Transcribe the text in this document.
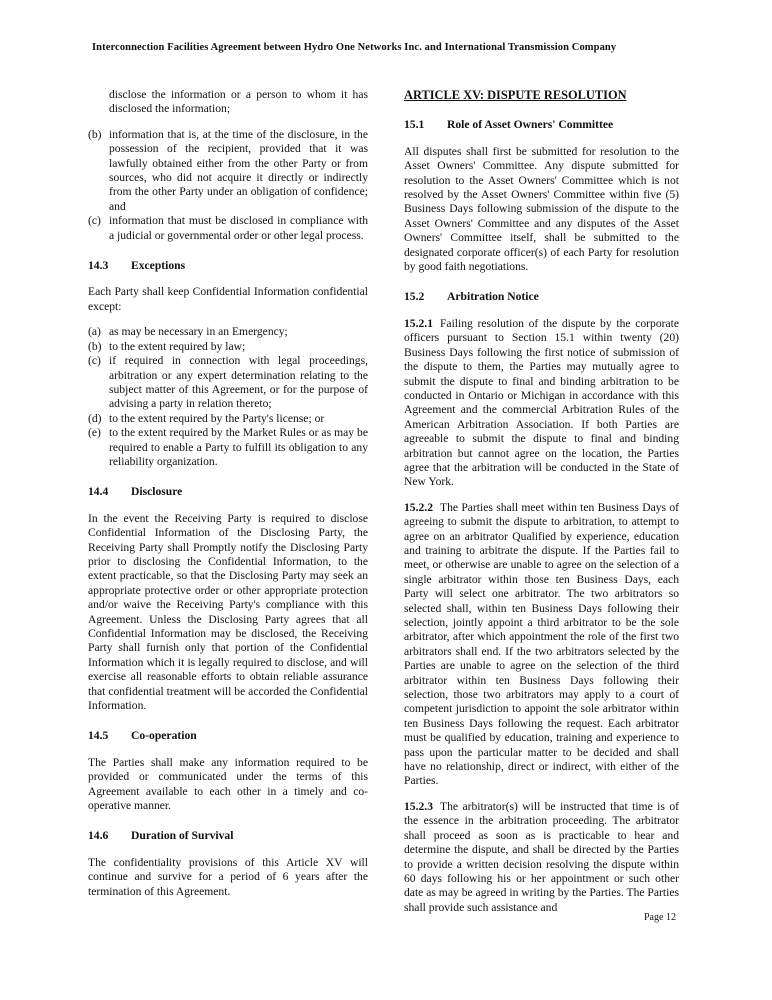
Interconnection Facilities Agreement between Hydro One Networks Inc. and International Transmission Company

disclose the information or a person to whom it has disclosed the information;

(b) information that is, at the time of the disclosure, in the possession of the recipient, provided that it was lawfully obtained either from the other Party or from sources, who did not acquire it directly or indirectly from the other Party under an obligation of confidence; and
(c) information that must be disclosed in compliance with a judicial or governmental order or other legal process.
14.3	Exceptions

Each Party shall keep Confidential Information confidential except:

(a) as may be necessary in an Emergency;
(b) to the extent required by law;
(c) if required in connection with legal proceedings, arbitration or any expert determination relating to the subject matter of this Agreement, or for the purpose of advising a party in relation thereto;
(d) to the extent required by the Party's license; or
(e) to the extent required by the Market Rules or as may be required to enable a Party to fulfill its obligation to any reliability organization.
14.4	Disclosure

In the event the Receiving Party is required to disclose Confidential Information of the Disclosing Party, the Receiving Party shall Promptly notify the Disclosing Party prior to disclosing the Confidential Information, to the extent practicable, so that the Disclosing Party may seek an appropriate protective order or other appropriate protection and/or waive the Receiving Party's compliance with this Agreement. Unless the Disclosing Party agrees that all Confidential Information may be disclosed, the Receiving Party shall furnish only that portion of the Confidential Information which it is legally required to disclose, and will exercise all reasonable efforts to obtain reliable assurance that confidential treatment will be accorded the Confidential Information.

14.5	Co-operation

The Parties shall make any information required to be provided or communicated under the terms of this Agreement available to each other in a timely and co-operative manner.

14.6	Duration of Survival

The confidentiality provisions of this Article XV will continue and survive for a period of 6 years after the termination of this Agreement.

ARTICLE XV: DISPUTE RESOLUTION
15.1	Role of Asset Owners' Committee

All disputes shall first be submitted for resolution to the Asset Owners' Committee. Any dispute submitted for resolution to the Asset Owners' Committee which is not resolved by the Asset Owners' Committee within five (5) Business Days following submission of the dispute to the Asset Owners' Committee and any disputes of the Asset Owners' Committee itself, shall be submitted to the designated corporate officer(s) of each Party for resolution by good faith negotiations.

15.2	Arbitration Notice

15.2.1 Failing resolution of the dispute by the corporate officers pursuant to Section 15.1 within twenty (20) Business Days following the first notice of submission of the dispute to them, the Parties may mutually agree to submit the dispute to final and binding arbitration to be conducted in Ontario or Michigan in accordance with this Agreement and the commercial Arbitration Rules of the American Arbitration Association. If both Parties are agreeable to submit the dispute to final and binding arbitration but cannot agree on the location, the Parties agree that the arbitration will be conducted in the State of New York.

15.2.2 The Parties shall meet within ten Business Days of agreeing to submit the dispute to arbitration, to attempt to agree on an arbitrator Qualified by experience, education and training to arbitrate the dispute. If the Parties fail to meet, or otherwise are unable to agree on the selection of a single arbitrator within those ten Business Days, each Party will select one arbitrator. The two arbitrators so selected shall, within ten Business Days following their selection, jointly appoint a third arbitrator to be the sole arbitrator, after which appointment the role of the first two arbitrators shall end. If the two arbitrators selected by the Parties are unable to agree on the selection of the third arbitrator within ten Business Days following their selection, those two arbitrators may apply to a court of competent jurisdiction to appoint the sole arbitrator within ten Business Days following the request. Each arbitrator must be qualified by education, training and experience to pass upon the particular matter to be decided and shall have no relationship, direct or indirect, with either of the Parties.

15.2.3 The arbitrator(s) will be instructed that time is of the essence in the arbitration proceeding. The arbitrator shall proceed as soon as is practicable to hear and determine the dispute, and shall be directed by the Parties to provide a written decision resolving the dispute within 60 days following his or her appointment or such other date as may be agreed in writing by the Parties. The Parties shall provide such assistance and

Page 12
